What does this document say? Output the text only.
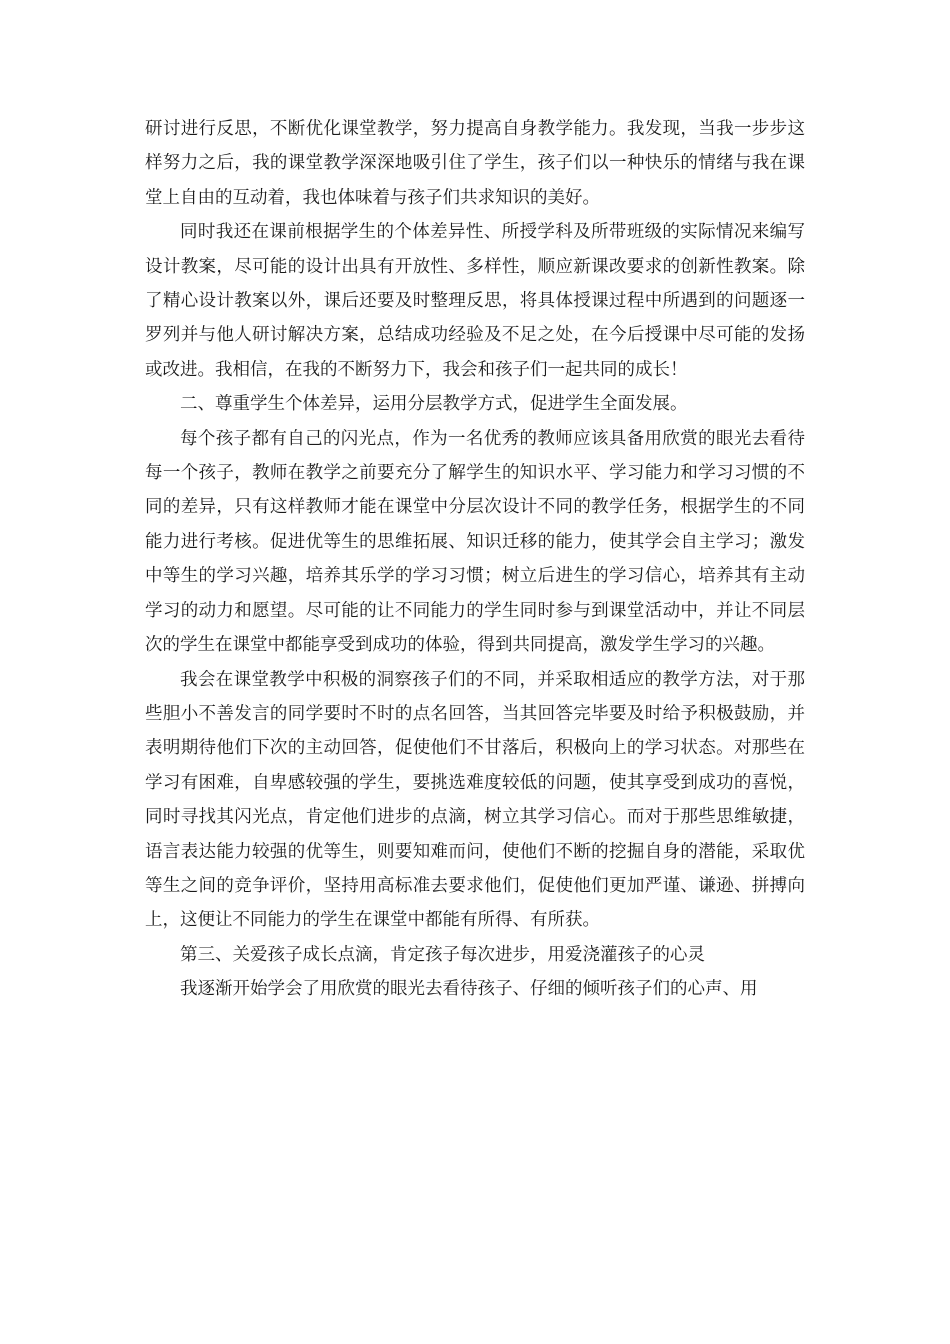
研讨进行反思，不断优化课堂教学，努力提高自身教学能力。我发现，当我一步步这样努力之后，我的课堂教学深深地吸引住了学生，孩子们以一种快乐的情绪与我在课堂上自由的互动着，我也体味着与孩子们共求知识的美好。

同时我还在课前根据学生的个体差异性、所授学科及所带班级的实际情况来编写设计教案，尽可能的设计出具有开放性、多样性，顺应新课改要求的创新性教案。除了精心设计教案以外，课后还要及时整理反思，将具体授课过程中所遇到的问题逐一罗列并与他人研讨解决方案，总结成功经验及不足之处，在今后授课中尽可能的发扬或改进。我相信，在我的不断努力下，我会和孩子们一起共同的成长！

二、尊重学生个体差异，运用分层教学方式，促进学生全面发展。

每个孩子都有自己的闪光点，作为一名优秀的教师应该具备用欣赏的眼光去看待每一个孩子，教师在教学之前要充分了解学生的知识水平、学习能力和学习习惯的不同的差异，只有这样教师才能在课堂中分层次设计不同的教学任务，根据学生的不同能力进行考核。促进优等生的思维拓展、知识迁移的能力，使其学会自主学习；激发中等生的学习兴趣，培养其乐学的学习习惯；树立后进生的学习信心，培养其有主动学习的动力和愿望。尽可能的让不同能力的学生同时参与到课堂活动中，并让不同层次的学生在课堂中都能享受到成功的体验，得到共同提高，激发学生学习的兴趣。

我会在课堂教学中积极的洞察孩子们的不同，并采取相适应的教学方法，对于那些胆小不善发言的同学要时不时的点名回答，当其回答完毕要及时给予积极鼓励，并表明期待他们下次的主动回答，促使他们不甘落后，积极向上的学习状态。对那些在学习有困难，自卑感较强的学生，要挑选难度较低的问题，使其享受到成功的喜悦，同时寻找其闪光点，肯定他们进步的点滴，树立其学习信心。而对于那些思维敏捷，语言表达能力较强的优等生，则要知难而问，使他们不断的挖掘自身的潜能，采取优等生之间的竞争评价，坚持用高标准去要求他们，促使他们更加严谨、谦逊、拼搏向上，这便让不同能力的学生在课堂中都能有所得、有所获。

第三、关爱孩子成长点滴，肯定孩子每次进步，用爱浇灌孩子的心灵

我逐渐开始学会了用欣赏的眼光去看待孩子、仔细的倾听孩子们的心声、用
